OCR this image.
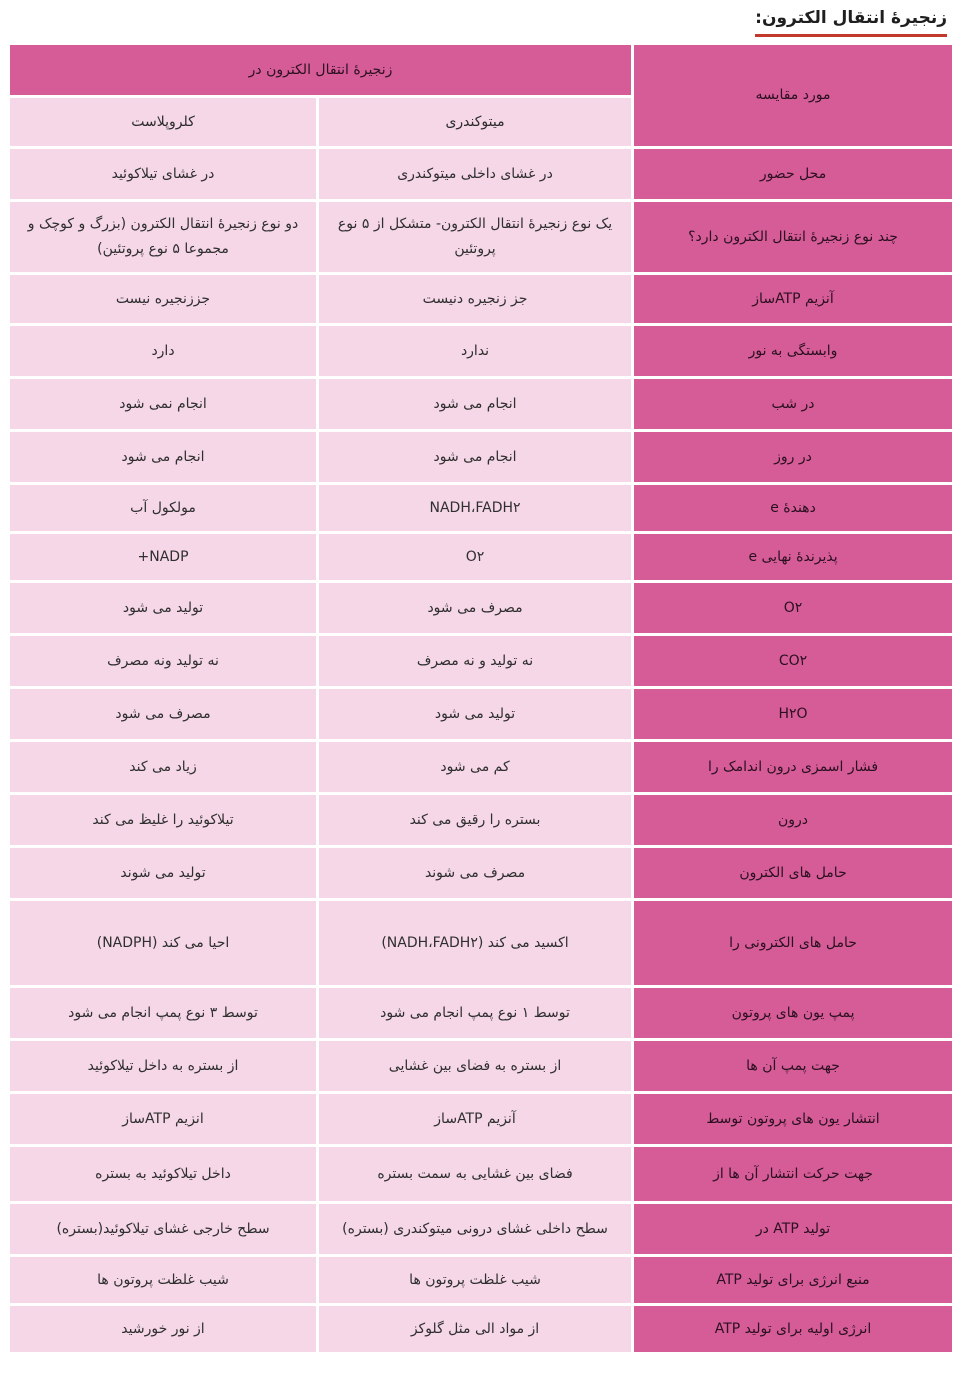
زنجیرهٔ انتقال الکترون:
مورد مقایسه	زنجیرهٔ انتقال الکترون در	
	میتوکندری	کلروپلاست
محل حضور	در غشای داخلی میتوکندری	در غشای تیلاکوئید
چند نوع زنجیرهٔ انتقال الکترون دارد؟	یک نوع زنجیرهٔ انتقال الکترون- متشکل از ۵ نوع پروتئین	دو نوع زنجیرهٔ انتقال الکترون (بزرگ و کوچک و مجموعا ۵ نوع پروتئین)
آنزیم ATPساز	جز زنجیره دنیست	جززنجیره نیست
وابستگی به نور	ندارد	دارد
در شب	انجام می شود	انجام نمی شود
در روز	انجام می شود	انجام می شود
دهندهٔ e	NADH،FADH۲	مولکول آب
پذیرندهٔ نهایی e	O۲	NADP+
O۲	مصرف می شود	تولید می شود
CO۲	نه تولید و نه مصرف	نه تولید ونه مصرف
H۲O	تولید می شود	مصرف می شود
فشار اسمزی درون اندامک را	کم می شود	زیاد می کند
درون	بستره را رقیق می کند	تیلاکوئید را غلیظ می کند
حامل های الکترون	مصرف می شوند	تولید می شوند
حامل های الکترونی را	اکسید می کند (NADH،FADH۲)	احیا می کند (NADPH)
پمپ یون های پروتون	توسط ۱ نوع پمپ انجام می شود	توسط ۳ نوع پمپ انجام می شود
جهت پمپ آن ها	از بستره به فضای بین غشایی	از بستره به داخل تیلاکوئید
انتشار یون های پروتون توسط	آنزیم ATPساز	انزیم ATPساز
جهت حرکت انتشار آن ها از	فضای بین غشایی به سمت بستره	داخل تیلاکوئید به بستره
تولید ATP در	سطح داخلی غشای درونی میتوکندری (بستره)	سطح خارجی غشای تیلاکوئید(بستره)
منبع انرژی برای تولید ATP	شیب غلظت پروتون ها	شیب غلظت پروتون ها
انرژی اولیه برای تولید ATP	از مواد الی مثل گلوکز	از نور خورشید
